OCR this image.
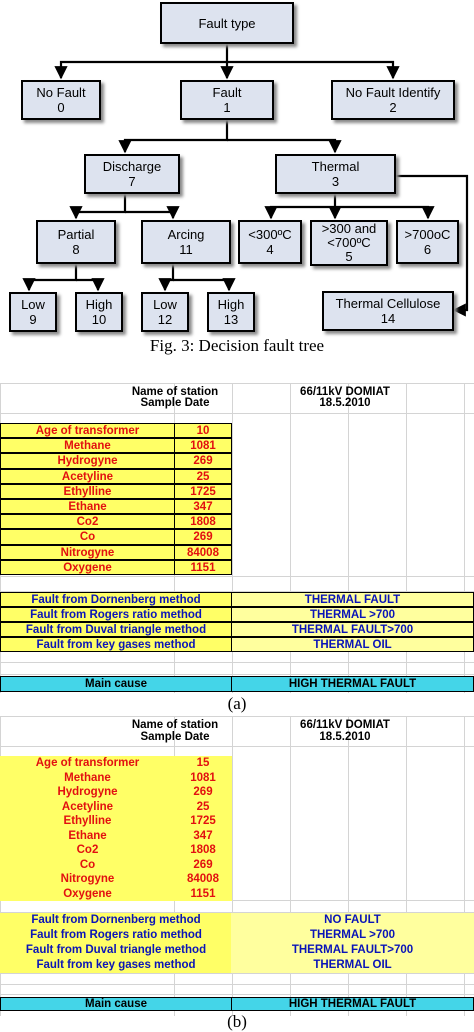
Fault type
No Fault
0
Fault
1
No Fault Identify
2
Discharge
7
Thermal
3
Partial
8
Arcing
11
<300ºC
4
>300 and
<700ºC
5
>700oC
6
Low
9
High
10
Low
12
High
13
Thermal Cellulose
14
Fig. 3: Decision fault tree
Name of station	66/11kV DOMIAT
Sample Date	18.5.2010
Age of transformer	10
Methane	1081
Hydrogyne	269
Acetyline	25
Ethylline	1725
Ethane	347
Co2	1808
Co	269
Nitrogyne	84008
Oxygene	1151
Fault from Dornenberg method	THERMAL FAULT
Fault from Rogers ratio method	THERMAL >700
Fault from Duval triangle method	THERMAL FAULT>700
Fault from key gases method	THERMAL OIL
Main cause	HIGH THERMAL FAULT
(a)
Name of station	66/11kV DOMIAT
Sample Date	18.5.2010
Age of transformer	15
Methane	1081
Hydrogyne	269
Acetyline	25
Ethylline	1725
Ethane	347
Co2	1808
Co	269
Nitrogyne	84008
Oxygene	1151
Fault from Dornenberg method	NO FAULT
Fault from Rogers ratio method	THERMAL >700
Fault from Duval triangle method	THERMAL FAULT>700
Fault from key gases method	THERMAL OIL
Main cause	HIGH THERMAL FAULT
(b)
